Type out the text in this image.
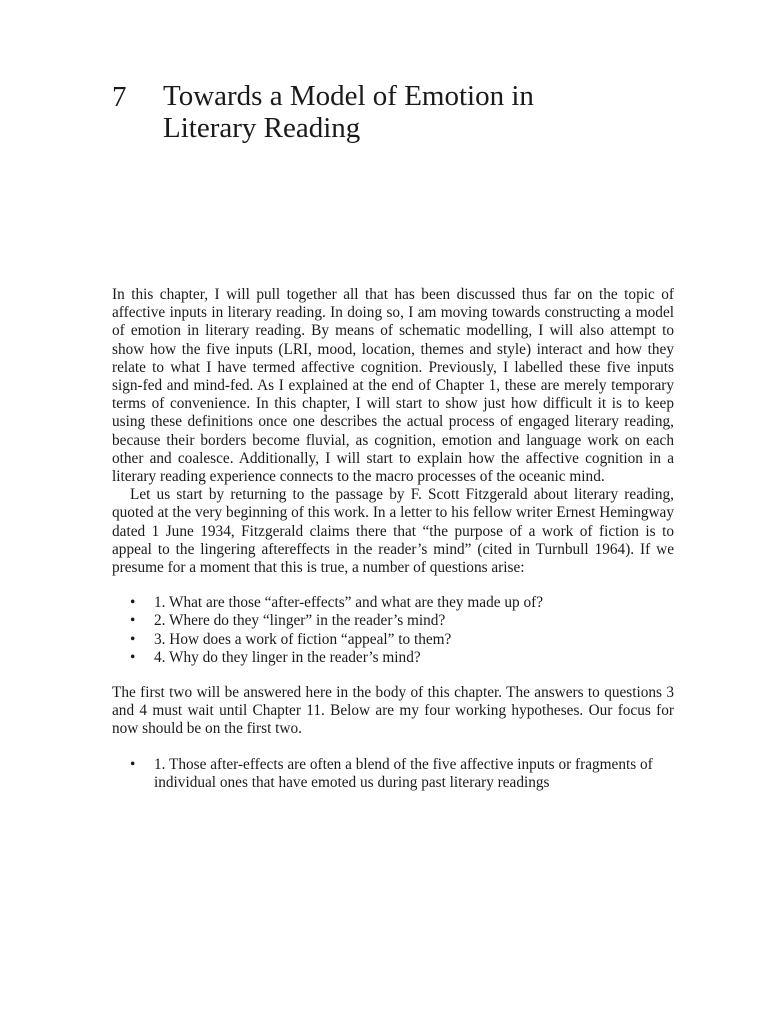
7	Towards a Model of Emotion in Literary Reading

In this chapter, I will pull together all that has been discussed thus far on the topic of affective inputs in literary reading. In doing so, I am moving towards constructing a model of emotion in literary reading. By means of schematic modelling, I will also attempt to show how the five inputs (LRI, mood, location, themes and style) interact and how they relate to what I have termed affective cognition. Previously, I labelled these five inputs sign-fed and mind-fed. As I explained at the end of Chapter 1, these are merely temporary terms of convenience. In this chapter, I will start to show just how difficult it is to keep using these definitions once one describes the actual process of engaged literary reading, because their borders become fluvial, as cognition, emotion and language work on each other and coalesce. Additionally, I will start to explain how the affective cognition in a literary reading experience connects to the macro processes of the oceanic mind.

Let us start by returning to the passage by F. Scott Fitzgerald about literary reading, quoted at the very beginning of this work. In a letter to his fellow writer Ernest Hemingway dated 1 June 1934, Fitzgerald claims there that “the purpose of a work of fiction is to appeal to the lingering aftereffects in the reader’s mind” (cited in Turnbull 1964). If we presume for a moment that this is true, a number of questions arise:

• 1. What are those “after-effects” and what are they made up of?
• 2. Where do they “linger” in the reader’s mind?
• 3. How does a work of fiction “appeal” to them?
• 4. Why do they linger in the reader’s mind?

The first two will be answered here in the body of this chapter. The answers to questions 3 and 4 must wait until Chapter 11. Below are my four working hypotheses. Our focus for now should be on the first two.

• 1. Those after-effects are often a blend of the five affective inputs or fragments of individual ones that have emoted us during past literary readings
